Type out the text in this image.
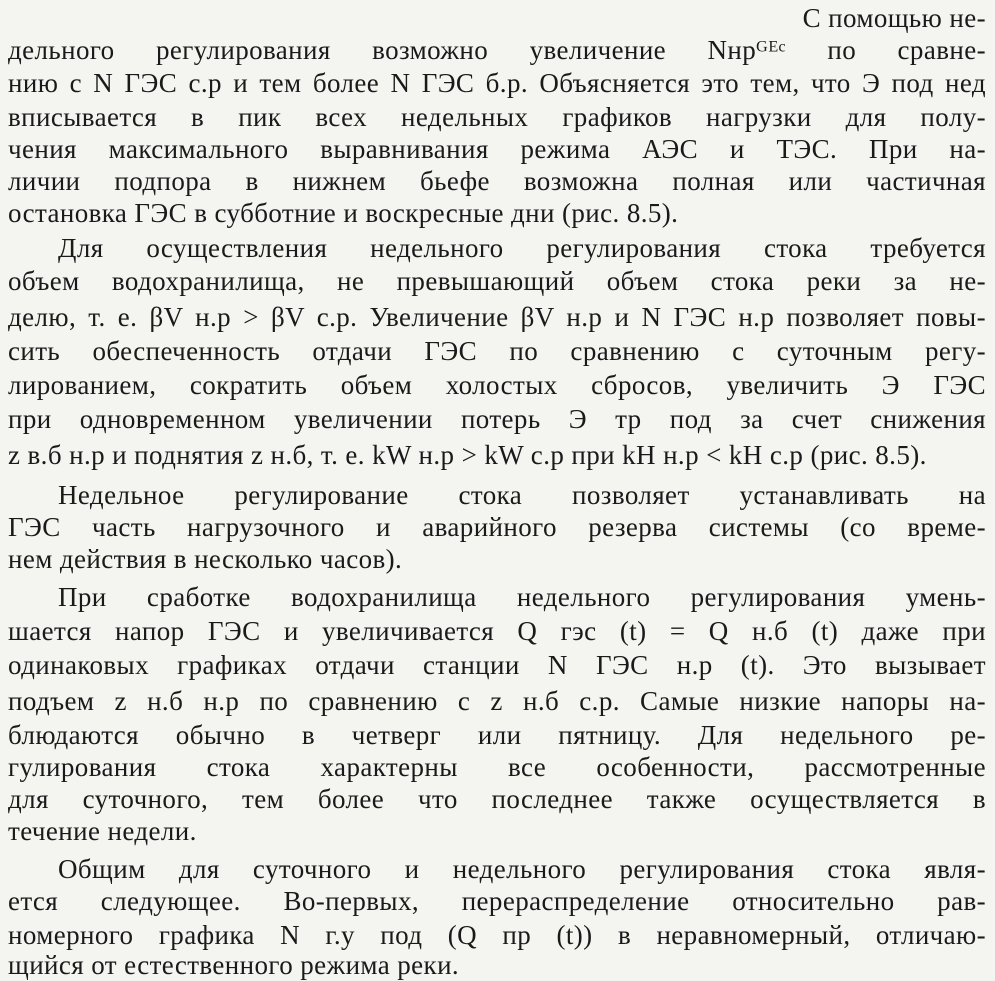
С помощью не-
дельного регулирования возможно увеличение Nнрᴳᴱᶜ по сравне-
нию с N ГЭС с.р и тем более N ГЭС б.р. Объясняется это тем, что Э под нед
вписывается в пик всех недельных графиков нагрузки для полу-
чения максимального выравнивания режима АЭС и ТЭС. При на-
личии подпора в нижнем бьефе возможна полная или частичная
остановка ГЭС в субботние и воскресные дни (рис. 8.5).
Для осуществления недельного регулирования стока требуется
объем водохранилища, не превышающий объем стока реки за не-
делю, т. е. βV н.р > βV с.р. Увеличение βV н.р и N ГЭС н.р позволяет повы-
сить обеспеченность отдачи ГЭС по сравнению с суточным регу-
лированием, сократить объем холостых сбросов, увеличить Э ГЭС
при одновременном увеличении потерь Э тр под за счет снижения
z в.б н.р и поднятия z н.б, т. е. kW н.р > kW с.р при kH н.р < kH с.р (рис. 8.5).
Недельное регулирование стока позволяет устанавливать на
ГЭС часть нагрузочного и аварийного резерва системы (со време-
нем действия в несколько часов).
При сработке водохранилища недельного регулирования умень-
шается напор ГЭС и увеличивается Q гэс (t) = Q н.б (t) даже при
одинаковых графиках отдачи станции N ГЭС н.р (t). Это вызывает
подъем z н.б н.р по сравнению с z н.б с.р. Самые низкие напоры на-
блюдаются обычно в четверг или пятницу. Для недельного ре-
гулирования стока характерны все особенности, рассмотренные
для суточного, тем более что последнее также осуществляется в
течение недели.
Общим для суточного и недельного регулирования стока явля-
ется следующее. Во-первых, перераспределение относительно рав-
номерного графика N г.у под (Q пр (t)) в неравномерный, отличаю-
щийся от естественного режима реки.
